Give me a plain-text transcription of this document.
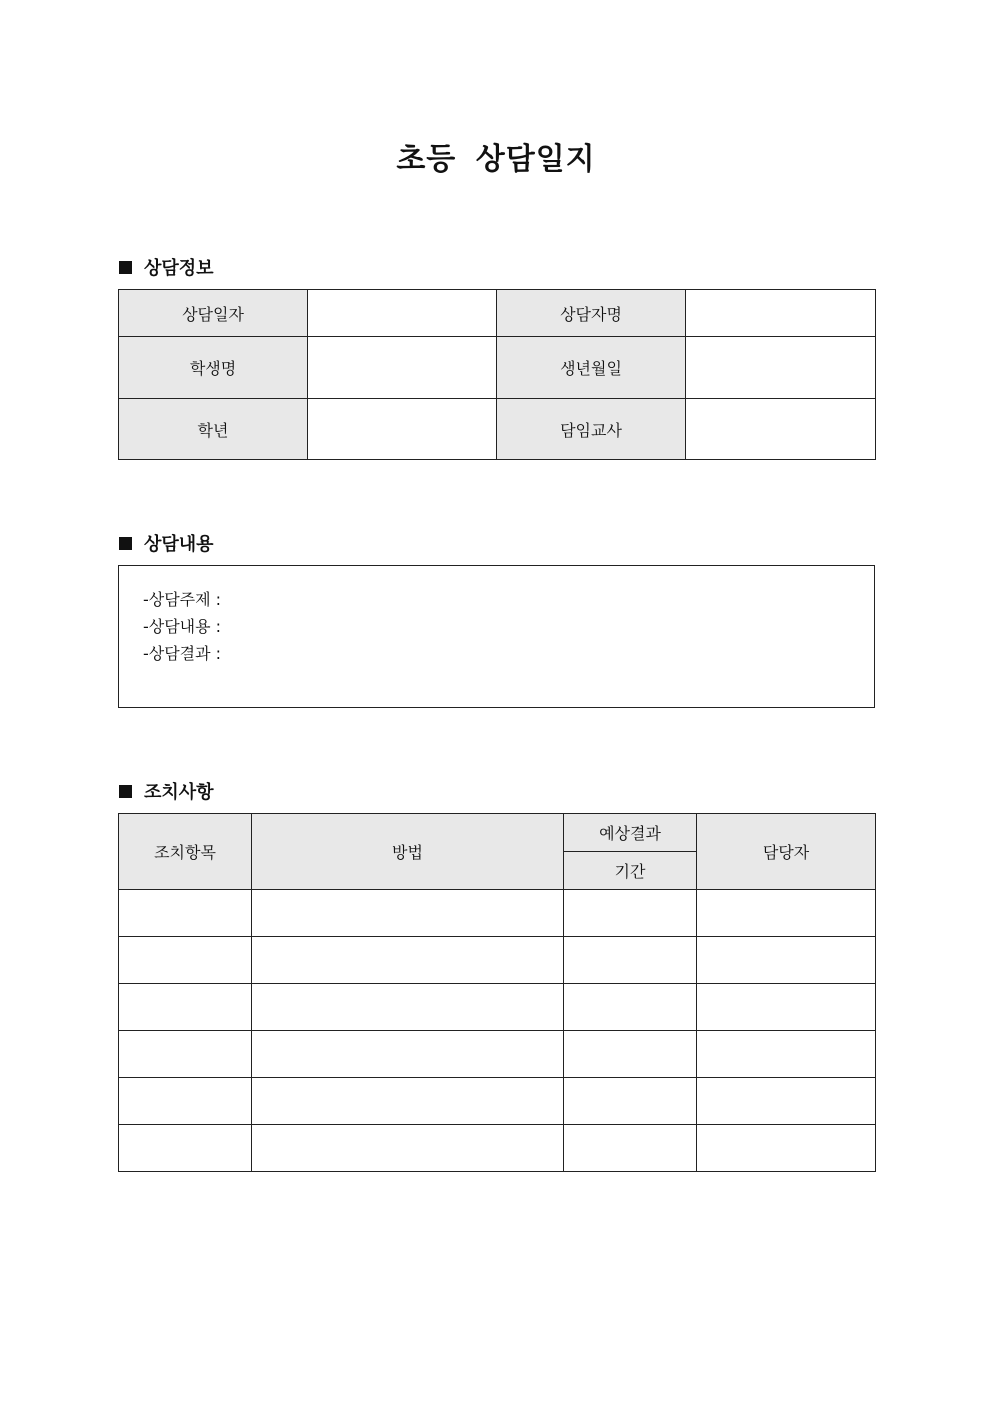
초등 상담일지
상담정보
상담일자		상담자명	
학생명		생년월일	
학년		담임교사	
상담내용
-상담주제 :
-상담내용 :
-상담결과 :
조치사항
조치항목	방법	예상결과	담당자
		기간	
